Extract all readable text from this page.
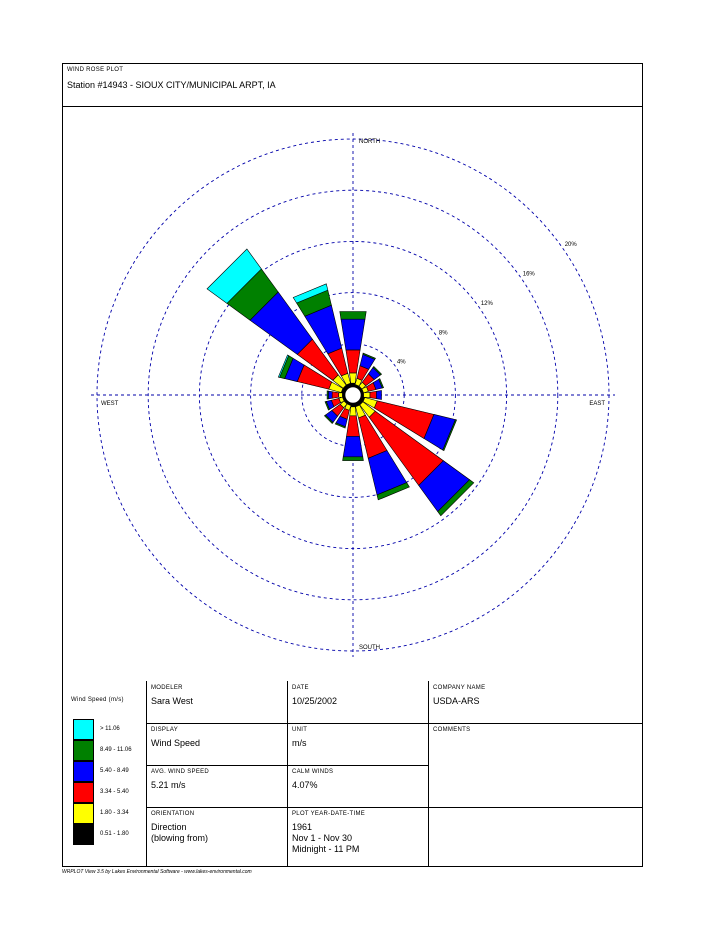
WIND ROSE PLOT
Station #14943 - SIOUX CITY/MUNICIPAL ARPT, IA
4%
8%
12%
16%
20%
NORTH
SOUTH
WEST	EAST
Wind Speed (m/s)
> 11.06
8.49 - 11.06
5.40 - 8.49
3.34 - 5.40
1.80 - 3.34
0.51 - 1.80
MODELER
Sara West
DATE
10/25/2002
COMPANY NAME
USDA-ARS
DISPLAY
Wind Speed
UNIT
m/s
COMMENTS
AVG. WIND SPEED
5.21 m/s
CALM WINDS
4.07%
ORIENTATION
Direction
(blowing from)
PLOT YEAR-DATE-TIME
1961
Nov 1 - Nov 30
Midnight - 11 PM
WRPLOT View 3.5 by Lakes Environmental Software - www.lakes-environmental.com
